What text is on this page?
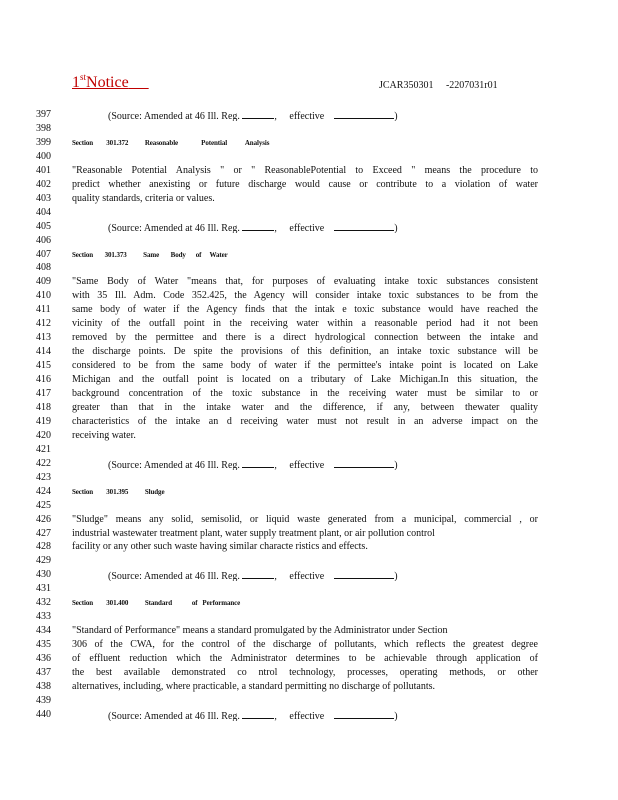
1stNotice	JCAR350301     -2207031r01
397	(Source: Amended at 46 Ill. Reg.	,     effective	)
398
399	Section        301.372          Reasonable              Potential           Analysis
400
401	"Reasonable Potential Analysis " or " ReasonablePotential to Exceed " means the procedure to
402	predict whether anexisting or future discharge would cause or contribute to a violation of water
403	quality standards, criteria or values.
404
405	(Source: Amended at 46 Ill. Reg.	,     effective	)
406
407	Section       301.373          Same       Body      of     Water
408
409	"Same Body of Water "means that, for purposes of evaluating intake toxic substances consistent
410	with 35 Ill. Adm. Code 352.425, the Agency will consider intake toxic substances to be from the
411	same body of water if the Agency finds that the intak e toxic substance would have reached the
412	vicinity of the outfall point in the receiving water within a reasonable period had it not been
413	removed by the permittee and there is a direct hydrological connection between the intake and
414	the discharge points. De spite the provisions of this definition, an intake toxic substance will be
415	considered to be from the same body of water if the permittee's intake point is located on Lake
416	Michigan and the outfall point is located on a tributary of Lake Michigan.In this situation, the
417	background concentration of the toxic substance in the receiving water must be similar to or
418	greater than that in the intake water and the difference, if any, between thewater quality
419	characteristics of the intake an d receiving water must not result in an adverse impact on the
420	receiving water.
421
422	(Source: Amended at 46 Ill. Reg.	,     effective	)
423
424	Section        301.395          Sludge
425
426	"Sludge" means any solid, semisolid, or liquid waste generated from a municipal, commercial , or
427	industrial wastewater treatment plant, water supply treatment plant, or air pollution control
428	facility or any other such waste having similar characte ristics and effects.
429
430	(Source: Amended at 46 Ill. Reg.	,     effective	)
431
432	Section        301.400          Standard            of   Performance
433
434	"Standard of Performance" means a standard promulgated by the Administrator under Section
435	306 of the CWA, for the control of the discharge of pollutants, which reflects the greatest degree
436	of effluent reduction which the Administrator determines to be achievable through application of
437	the best available demonstrated co ntrol technology, processes, operating methods, or other
438	alternatives, including, where practicable, a standard permitting no discharge of pollutants.
439
440	(Source: Amended at 46 Ill. Reg.	,     effective	)
